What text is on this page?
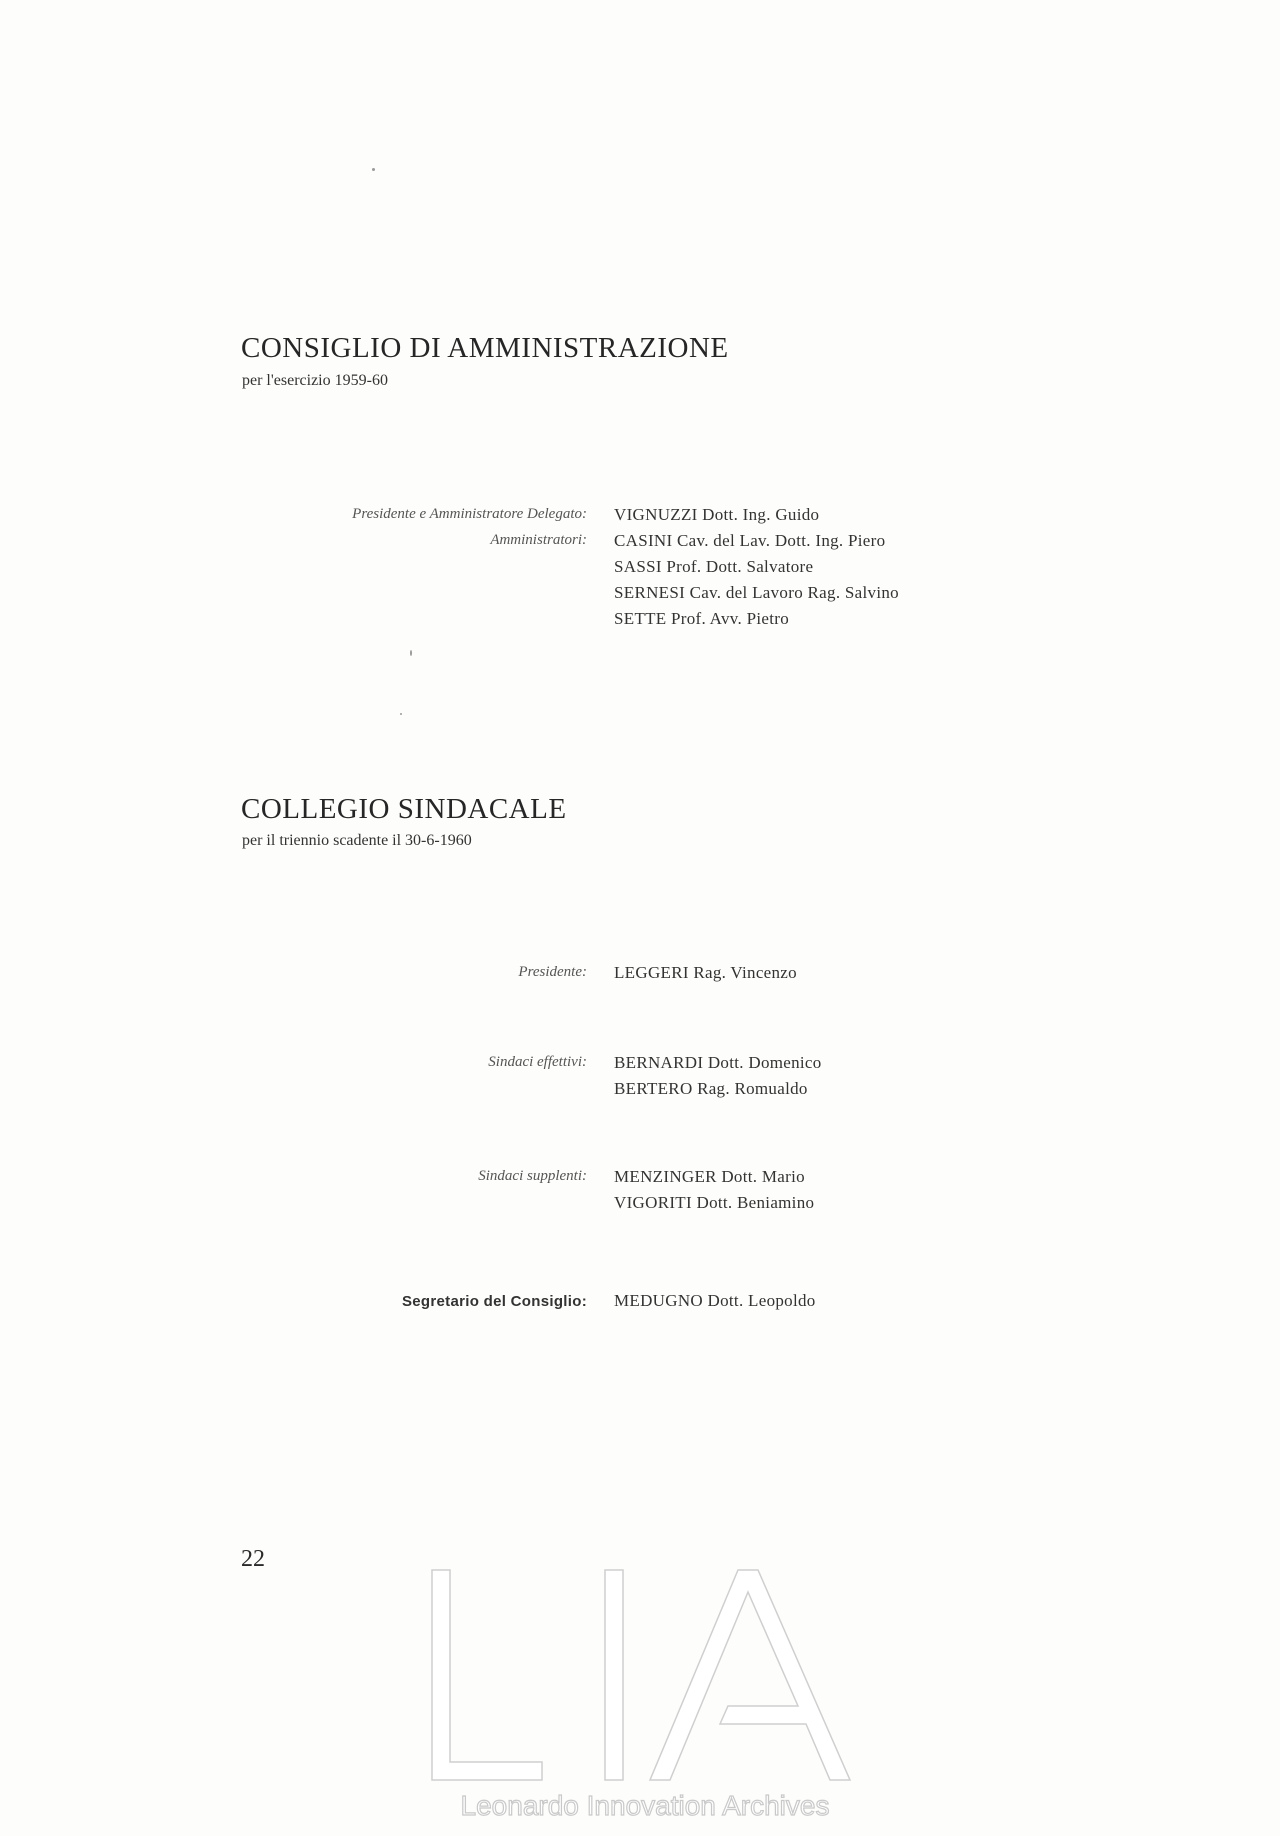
CONSIGLIO DI AMMINISTRAZIONE
per l'esercizio 1959-60
Presidente e Amministratore Delegato: VIGNUZZI Dott. Ing. Guido
Amministratori: CASINI Cav. del Lav. Dott. Ing. Piero
SASSI Prof. Dott. Salvatore
SERNESI Cav. del Lavoro Rag. Salvino
SETTE Prof. Avv. Pietro
COLLEGIO SINDACALE
per il triennio scadente il 30-6-1960
Presidente: LEGGERI Rag. Vincenzo
Sindaci effettivi: BERNARDI Dott. Domenico
BERTERO Rag. Romualdo
Sindaci supplenti: MENZINGER Dott. Mario
VIGORITI Dott. Beniamino
Segretario del Consiglio: MEDUGNO Dott. Leopoldo
22
Leonardo Innovation Archives
